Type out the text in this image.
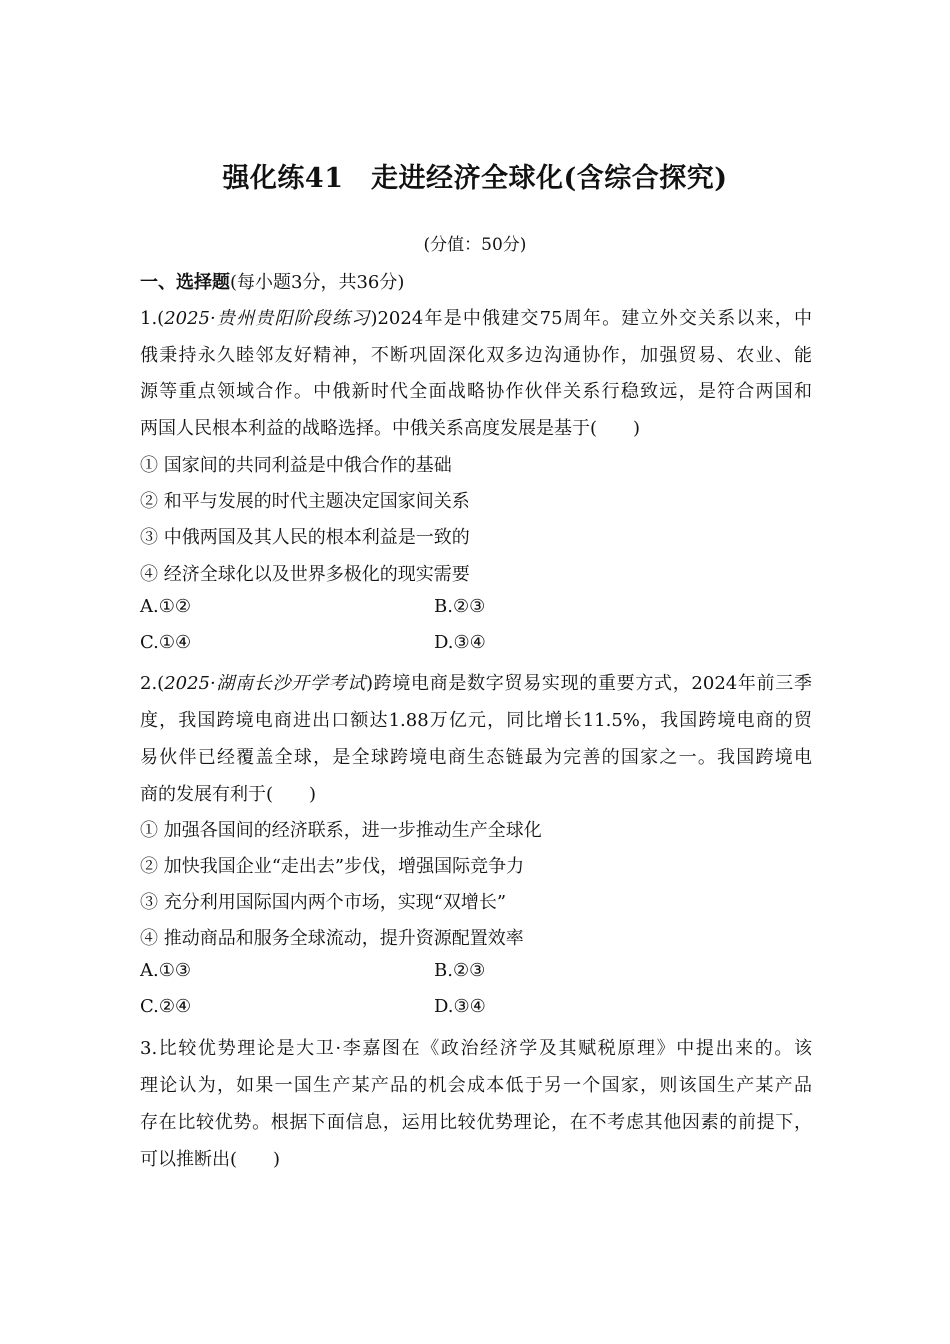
强化练41　走进经济全球化(含综合探究)
(分值：50分)
一、选择题(每小题3分，共36分)
1.(2025·贵州贵阳阶段练习)2024年是中俄建交75周年。建立外交关系以来，中
俄秉持永久睦邻友好精神，不断巩固深化双多边沟通协作，加强贸易、农业、能
源等重点领域合作。中俄新时代全面战略协作伙伴关系行稳致远，是符合两国和
两国人民根本利益的战略选择。中俄关系高度发展是基于(　　)
① 国家间的共同利益是中俄合作的基础
② 和平与发展的时代主题决定国家间关系
③ 中俄两国及其人民的根本利益是一致的
④ 经济全球化以及世界多极化的现实需要
A.①②	B.②③
C.①④	D.③④
2.(2025·湖南长沙开学考试)跨境电商是数字贸易实现的重要方式，2024年前三季
度，我国跨境电商进出口额达1.88万亿元，同比增长11.5%，我国跨境电商的贸
易伙伴已经覆盖全球，是全球跨境电商生态链最为完善的国家之一。我国跨境电
商的发展有利于(　　)
① 加强各国间的经济联系，进一步推动生产全球化
② 加快我国企业“走出去”步伐，增强国际竞争力
③ 充分利用国际国内两个市场，实现“双增长”
④ 推动商品和服务全球流动，提升资源配置效率
A.①③	B.②③
C.②④	D.③④
3.比较优势理论是大卫·李嘉图在《政治经济学及其赋税原理》中提出来的。该
理论认为，如果一国生产某产品的机会成本低于另一个国家，则该国生产某产品
存在比较优势。根据下面信息，运用比较优势理论，在不考虑其他因素的前提下，
可以推断出(　　)
